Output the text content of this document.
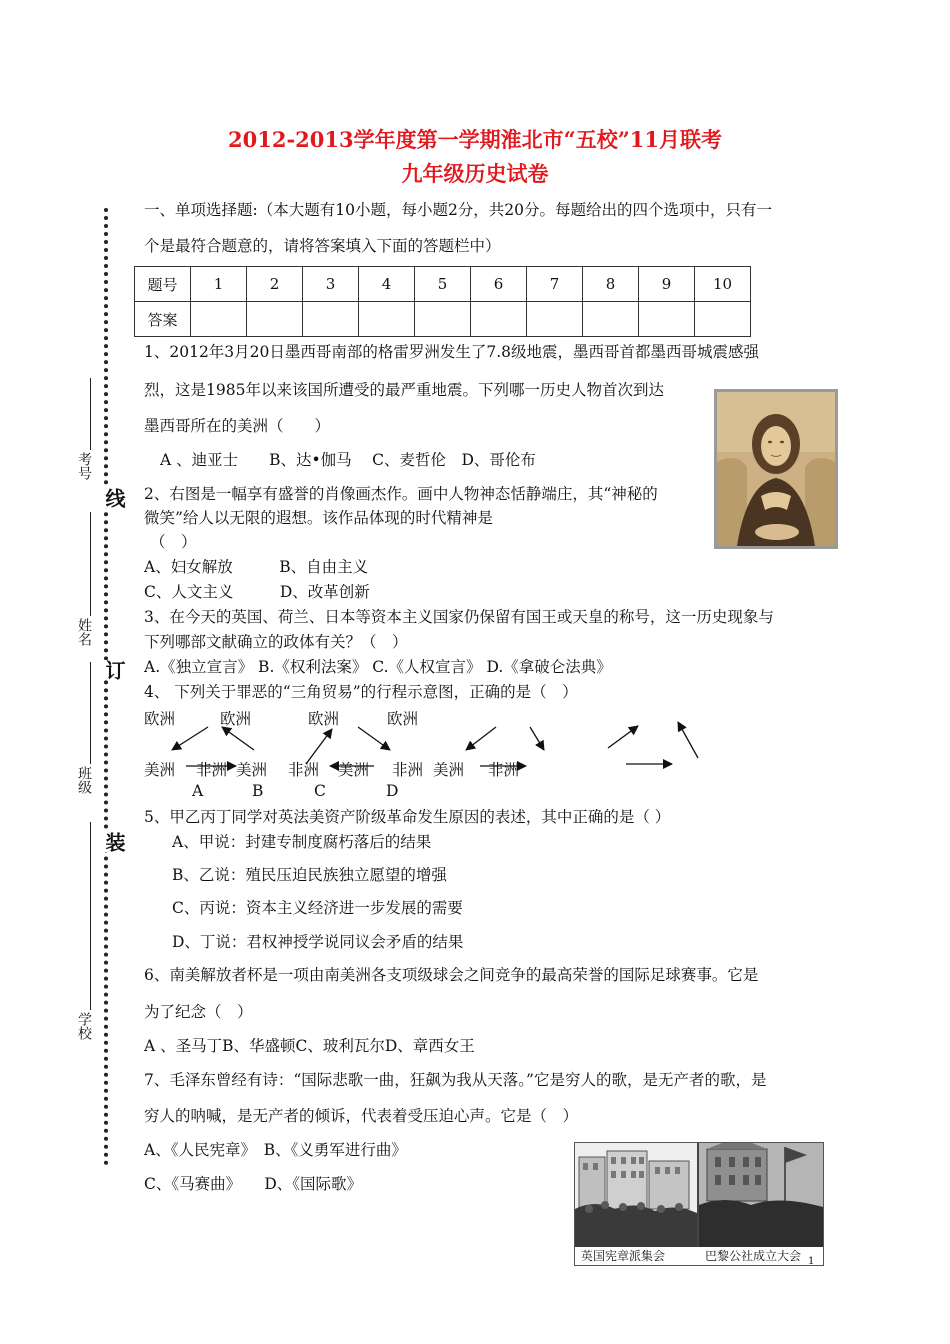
2012-2013学年度第一学期淮北市“五校”11月联考
九年级历史试卷
考号
姓名
班级
学校
线
订
装
一、单项选择题:（本大题有10小题，每小题2分，共20分。每题给出的四个选项中，只有一
个是最符合题意的，请将答案填入下面的答题栏中）
题号	1	2	3	4	5	6	7	8	9	10
答案										
1、2012年3月20日墨西哥南部的格雷罗洲发生了7.8级地震，墨西哥首都墨西哥城震感强
烈，这是1985年以来该国所遭受的最严重地震。下列哪一历史人物首次到达
墨西哥所在的美洲（　　）
A 、迪亚士　　B、达•伽马　 C、麦哲伦　D、哥伦布
2、右图是一幅享有盛誉的肖像画杰作。画中人物神态恬静端庄，其“神秘的
微笑”给人以无限的遐想。该作品体现的时代精神是
（　）
A、妇女解放　　　B、自由主义
C、人文主义　　　D、改革创新
3、在今天的英国、荷兰、日本等资本主义国家仍保留有国王或天皇的称号，这一历史现象与
下列哪部文献确立的政体有关？（　）
A.《独立宣言》 B.《权利法案》 C.《人权宣言》 D.《拿破仑法典》
4、 下列关于罪恶的“三角贸易”的行程示意图，正确的是（　）
欧洲	欧洲	欧洲	欧洲
美洲 非洲 美洲 非洲 美洲 非洲 美洲 非洲
A	B	C	D
5、甲乙丙丁同学对英法美资产阶级革命发生原因的表述，其中正确的是（ ）
A、甲说：封建专制度腐朽落后的结果
B、乙说：殖民压迫民族独立愿望的增强
C、丙说：资本主义经济进一步发展的需要
D、丁说：君权神授学说同议会矛盾的结果
6、南美解放者杯是一项由南美洲各支项级球会之间竞争的最高荣誉的国际足球赛事。它是
为了纪念（　）
A 、圣马丁B、华盛顿C、玻利瓦尔D、章西女王
7、毛泽东曾经有诗：“国际悲歌一曲，狂飙为我从天落。”它是穷人的歌，是无产者的歌，是
穷人的呐喊，是无产者的倾诉，代表着受压迫心声。它是（　）
A、《人民宪章》　B、《义勇军进行曲》
C、《马赛曲》　　D、《国际歌》
英国宪章派集会	巴黎公社成立大会 1
